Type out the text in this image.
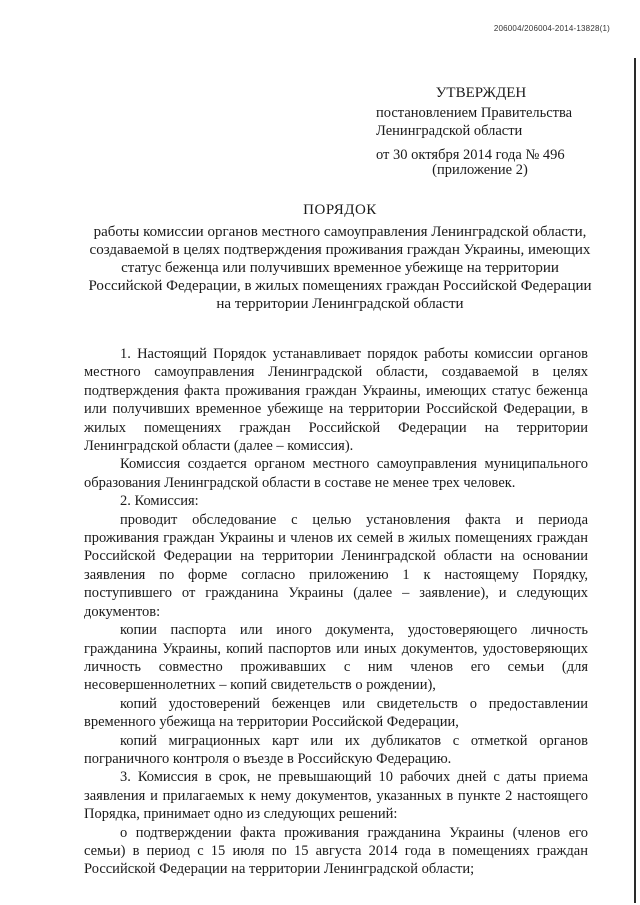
206004/206004-2014-13828(1)
УТВЕРЖДЕН
постановлением Правительства
Ленинградской области
от 30 октября 2014 года № 496
(приложение 2)
ПОРЯДОК
работы комиссии органов местного самоуправления Ленинградской области,
создаваемой в целях подтверждения проживания граждан Украины, имеющих
статус беженца или получивших временное убежище на территории
Российской Федерации, в жилых помещениях граждан Российской Федерации
на территории Ленинградской области

1. Настоящий Порядок устанавливает порядок работы комиссии органов местного самоуправления Ленинградской области, создаваемой в целях подтверждения факта проживания граждан Украины, имеющих статус беженца или получивших временное убежище на территории Российской Федерации, в жилых помещениях граждан Российской Федерации на территории Ленинградской области (далее – комиссия).

Комиссия создается органом местного самоуправления муниципального образования Ленинградской области в составе не менее трех человек.

2. Комиссия:

проводит обследование с целью установления факта и периода проживания граждан Украины и членов их семей в жилых помещениях граждан Российской Федерации на территории Ленинградской области на основании заявления по форме согласно приложению 1 к настоящему Порядку, поступившего от гражданина Украины (далее – заявление), и следующих документов:

копии паспорта или иного документа, удостоверяющего личность гражданина Украины, копий паспортов или иных документов, удостоверяющих личность совместно проживавших с ним членов его семьи (для несовершеннолетних – копий свидетельств о рождении),

копий удостоверений беженцев или свидетельств о предоставлении временного убежища на территории Российской Федерации,

копий миграционных карт или их дубликатов с отметкой органов пограничного контроля о въезде в Российскую Федерацию.

3. Комиссия в срок, не превышающий 10 рабочих дней с даты приема заявления и прилагаемых к нему документов, указанных в пункте 2 настоящего Порядка, принимает одно из следующих решений:

о подтверждении факта проживания гражданина Украины (членов его семьи) в период с 15 июля по 15 августа 2014 года в помещениях граждан Российской Федерации на территории Ленинградской области;
